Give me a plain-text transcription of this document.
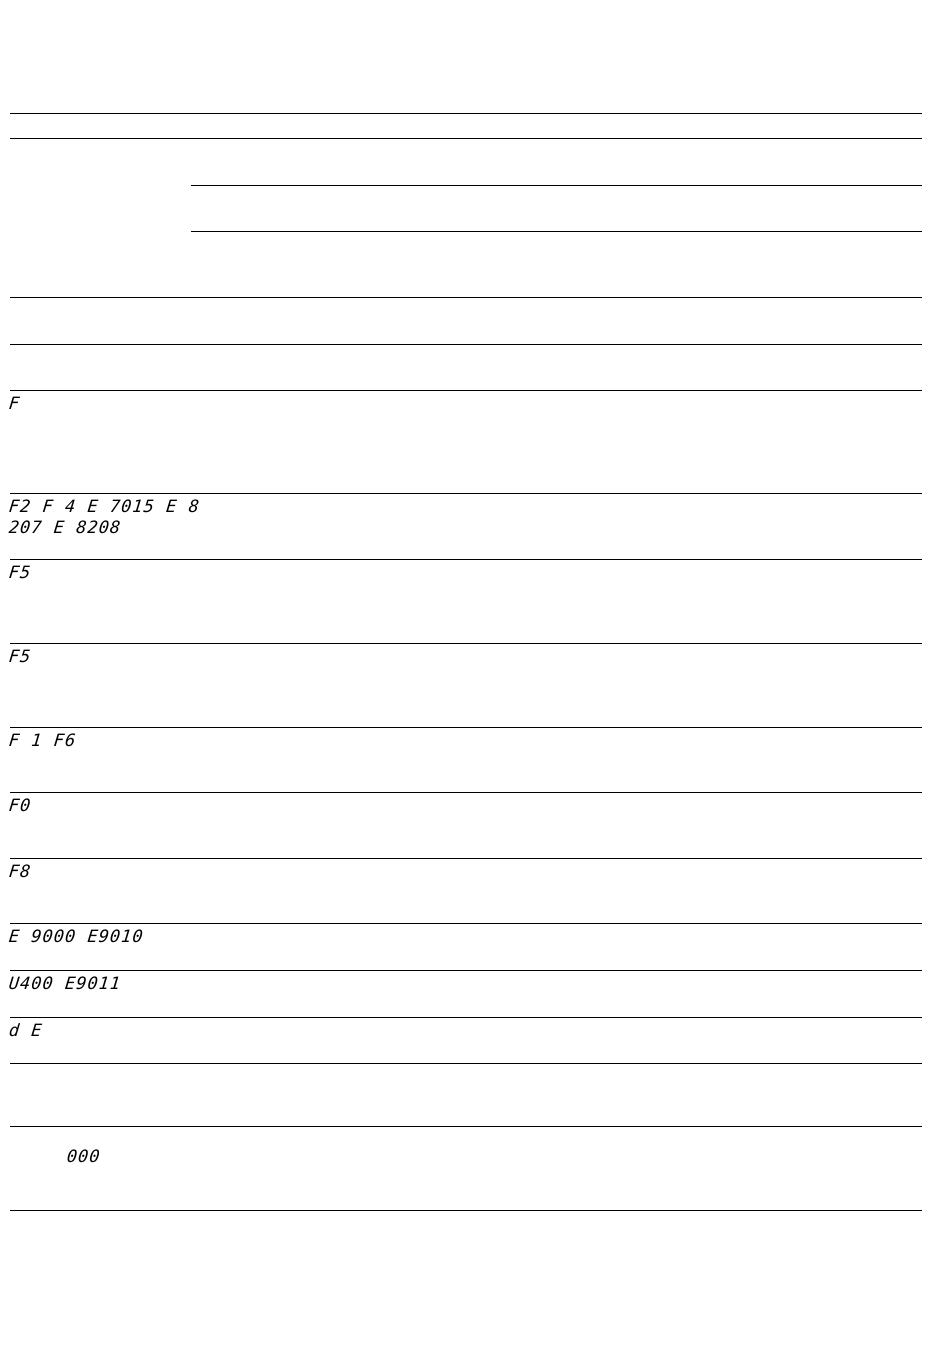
F
F2 F 4 E 7015 E 8
207 E 8208
F5
F5
F 1 F6
F0
F8
E 9000 E9010
U400 E9011
d E
000
